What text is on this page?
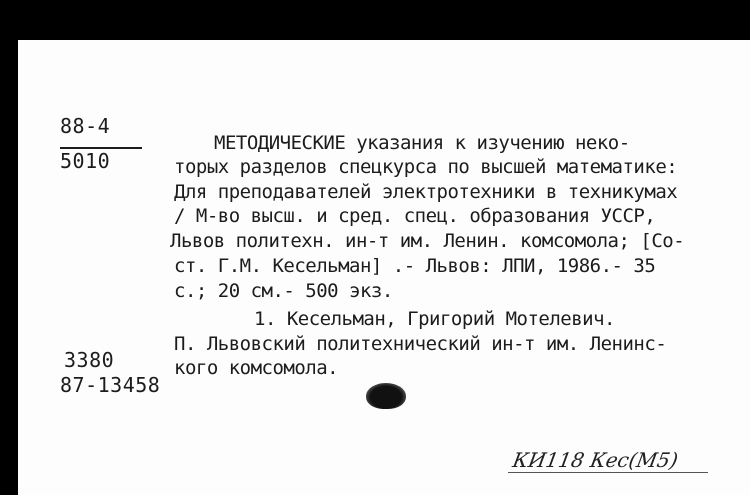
88-4
5010
МЕТОДИЧЕСКИЕ указания к изучению неко-
торых разделов спецкурса по высшей математике:
Для преподавателей электротехники в техникумах
/ М-во высш. и сред. спец. образования УССР,
Львов политехн. ин-т им. Ленин. комсомола; [Со-
ст. Г.М. Кесельман] .- Львов: ЛПИ, 1986.- 35
с.; 20 см.- 500 экз.
1. Кесельман, Григорий Мотелевич.
П. Львовский политехнический ин-т им. Ленинс-
кого комсомола.
3380
87-13458
КИ118 Кес(М5)
